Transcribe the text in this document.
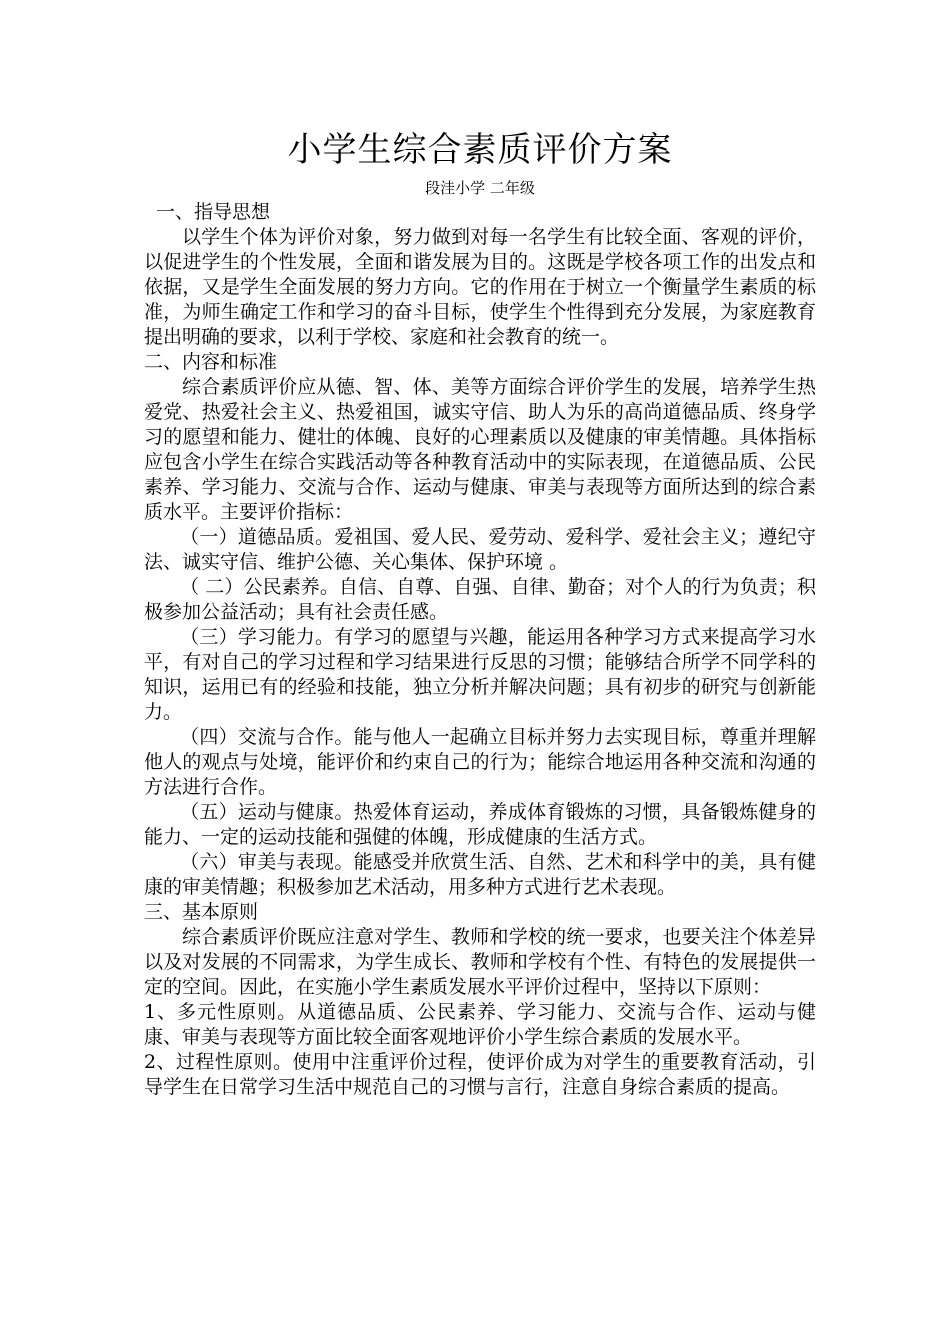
小学生综合素质评价方案

段洼小学 二年级

一、指导思想

以学生个体为评价对象，努力做到对每一名学生有比较全面、客观的评价，以促进学生的个性发展，全面和谐发展为目的。这既是学校各项工作的出发点和依据，又是学生全面发展的努力方向。它的作用在于树立一个衡量学生素质的标准，为师生确定工作和学习的奋斗目标，使学生个性得到充分发展，为家庭教育提出明确的要求，以利于学校、家庭和社会教育的统一。

二、内容和标准

综合素质评价应从德、智、体、美等方面综合评价学生的发展，培养学生热爱党、热爱社会主义、热爱祖国，诚实守信、助人为乐的高尚道德品质、终身学习的愿望和能力、健壮的体魄、良好的心理素质以及健康的审美情趣。具体指标应包含小学生在综合实践活动等各种教育活动中的实际表现，在道德品质、公民素养、学习能力、交流与合作、运动与健康、审美与表现等方面所达到的综合素质水平。主要评价指标：

（一）道德品质。爱祖国、爱人民、爱劳动、爱科学、爱社会主义；遵纪守法、诚实守信、维护公德、关心集体、保护环境 。

（ 二）公民素养。自信、自尊、自强、自律、勤奋；对个人的行为负责；积极参加公益活动；具有社会责任感。

（三）学习能力。有学习的愿望与兴趣，能运用各种学习方式来提高学习水平，有对自己的学习过程和学习结果进行反思的习惯；能够结合所学不同学科的知识，运用已有的经验和技能，独立分析并解决问题；具有初步的研究与创新能力。

（四）交流与合作。能与他人一起确立目标并努力去实现目标，尊重并理解他人的观点与处境，能评价和约束自己的行为；能综合地运用各种交流和沟通的方法进行合作。

（五）运动与健康。热爱体育运动，养成体育锻炼的习惯，具备锻炼健身的能力、一定的运动技能和强健的体魄，形成健康的生活方式。

（六）审美与表现。能感受并欣赏生活、自然、艺术和科学中的美，具有健康的审美情趣；积极参加艺术活动，用多种方式进行艺术表现。

三、基本原则

综合素质评价既应注意对学生、教师和学校的统一要求，也要关注个体差异以及对发展的不同需求，为学生成长、教师和学校有个性、有特色的发展提供一定的空间。因此，在实施小学生素质发展水平评价过程中，坚持以下原则：

1、多元性原则。从道德品质、公民素养、学习能力、交流与合作、运动与健康、审美与表现等方面比较全面客观地评价小学生综合素质的发展水平。

2、过程性原则。使用中注重评价过程，使评价成为对学生的重要教育活动，引导学生在日常学习生活中规范自己的习惯与言行，注意自身综合素质的提高。
